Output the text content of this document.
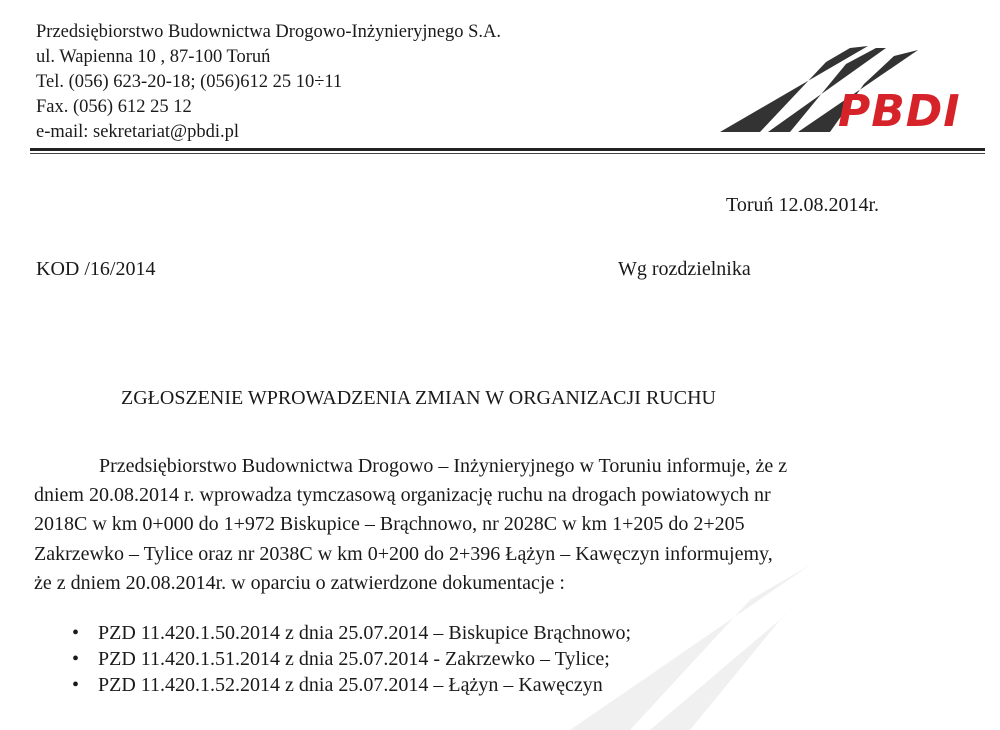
Przedsiębiorstwo Budownictwa Drogowo-Inżynieryjnego S.A.
ul. Wapienna 10 , 87-100 Toruń
Tel. (056) 623-20-18; (056)612 25 10÷11
Fax. (056) 612 25 12
e-mail: sekretariat@pbdi.pl	PBDI
Toruń 12.08.2014r.
KOD /16/2014	Wg rozdzielnika
ZGŁOSZENIE WPROWADZENIA ZMIAN W ORGANIZACJI RUCHU
Przedsiębiorstwo Budownictwa Drogowo – Inżynieryjnego w Toruniu informuje, że z
dniem 20.08.2014 r. wprowadza tymczasową organizację ruchu na drogach powiatowych nr
2018C w km 0+000 do 1+972 Biskupice – Brąchnowo, nr 2028C w km 1+205 do 2+205
Zakrzewko – Tylice oraz nr 2038C w km 0+200 do 2+396 Łążyn – Kawęczyn informujemy,
że z dniem 20.08.2014r. w oparciu o zatwierdzone dokumentacje :
• PZD 11.420.1.50.2014 z dnia 25.07.2014 – Biskupice Brąchnowo;
• PZD 11.420.1.51.2014 z dnia 25.07.2014 - Zakrzewko – Tylice;
• PZD 11.420.1.52.2014 z dnia 25.07.2014 – Łążyn – Kawęczyn
